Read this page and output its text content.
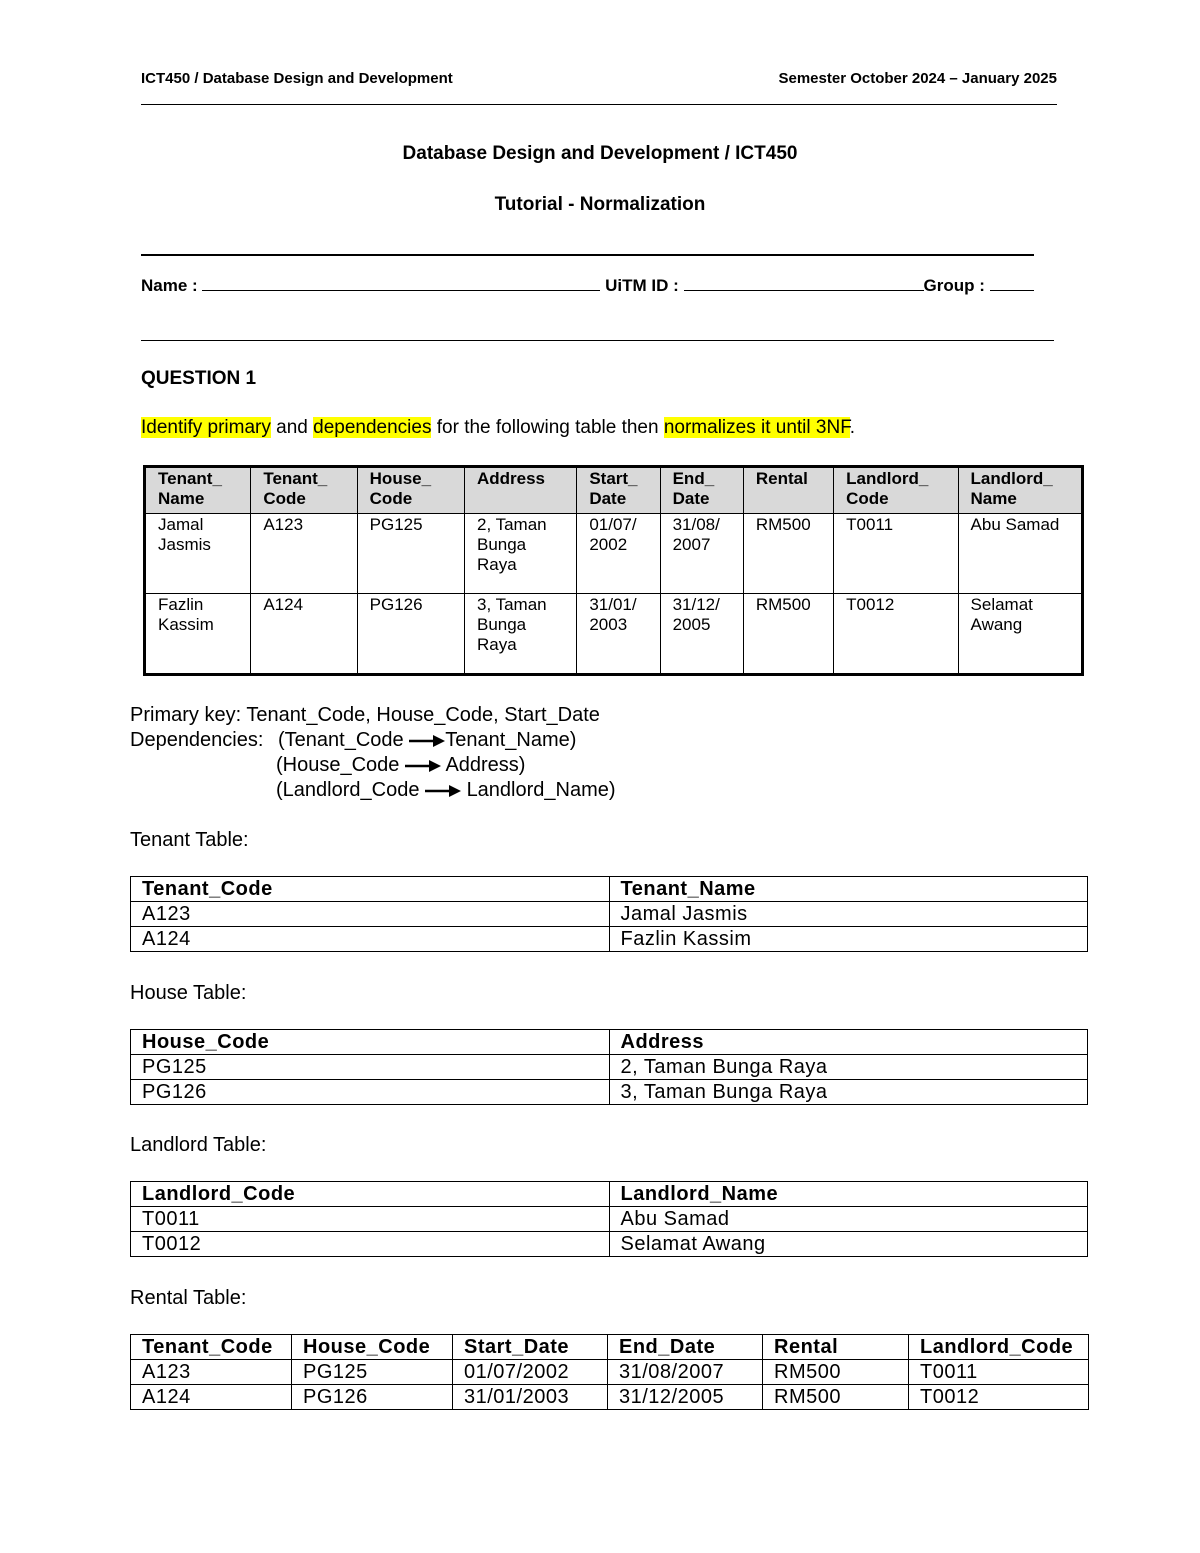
ICT450 / Database Design and Development	Semester October 2024 – January 2025
Database Design and Development / ICT450
Tutorial - Normalization
Name :	UiTM ID :	Group :
QUESTION 1
Identify primary and dependencies for the following table then normalizes it until 3NF.
Tenant_ Name	Tenant_ Code	House_ Code	Address	Start_ Date	End_ Date	Rental	Landlord_ Code	Landlord_ Name
Jamal Jasmis	A123	PG125	2, Taman Bunga Raya	01/07/ 2002	31/08/ 2007	RM500	T0011	Abu Samad
Fazlin Kassim	A124	PG126	3, Taman Bunga Raya	31/01/ 2003	31/12/ 2005	RM500	T0012	Selamat Awang
Primary key: Tenant_Code, House_Code, Start_Date
Dependencies: (Tenant_Code Tenant_Name)
(House_Code Address)
(Landlord_Code Landlord_Name)
Tenant Table:
Tenant_Code	Tenant_Name
A123	Jamal Jasmis
A124	Fazlin Kassim
House Table:
House_Code	Address
PG125	2, Taman Bunga Raya
PG126	3, Taman Bunga Raya
Landlord Table:
Landlord_Code	Landlord_Name
T0011	Abu Samad
T0012	Selamat Awang
Rental Table:
Tenant_Code	House_Code	Start_Date	End_Date	Rental	Landlord_Code
A123	PG125	01/07/2002	31/08/2007	RM500	T0011
A124	PG126	31/01/2003	31/12/2005	RM500	T0012
